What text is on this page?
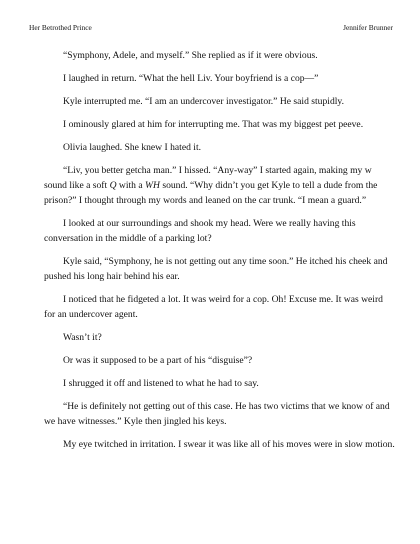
Her Betrothed Prince	Jennifer Brunner

“Symphony, Adele, and myself.” She replied as if it were obvious.

I laughed in return. “What the hell Liv. Your boyfriend is a cop—”

Kyle interrupted me. “I am an undercover investigator.” He said stupidly.

I ominously glared at him for interrupting me. That was my biggest pet peeve.

Olivia laughed. She knew I hated it.

“Liv, you better getcha man.” I hissed. “Any-way” I started again, making my w sound like a soft Q with a WH sound. “Why didn’t you get Kyle to tell a dude from the prison?” I thought through my words and leaned on the car trunk. “I mean a guard.”

I looked at our surroundings and shook my head. Were we really having this conversation in the middle of a parking lot?

Kyle said, “Symphony, he is not getting out any time soon.” He itched his cheek and pushed his long hair behind his ear.

I noticed that he fidgeted a lot. It was weird for a cop. Oh! Excuse me. It was weird for an undercover agent.

Wasn’t it?

Or was it supposed to be a part of his “disguise”?

I shrugged it off and listened to what he had to say.

“He is definitely not getting out of this case. He has two victims that we know of and we have witnesses.” Kyle then jingled his keys.

My eye twitched in irritation. I swear it was like all of his moves were in slow motion.
